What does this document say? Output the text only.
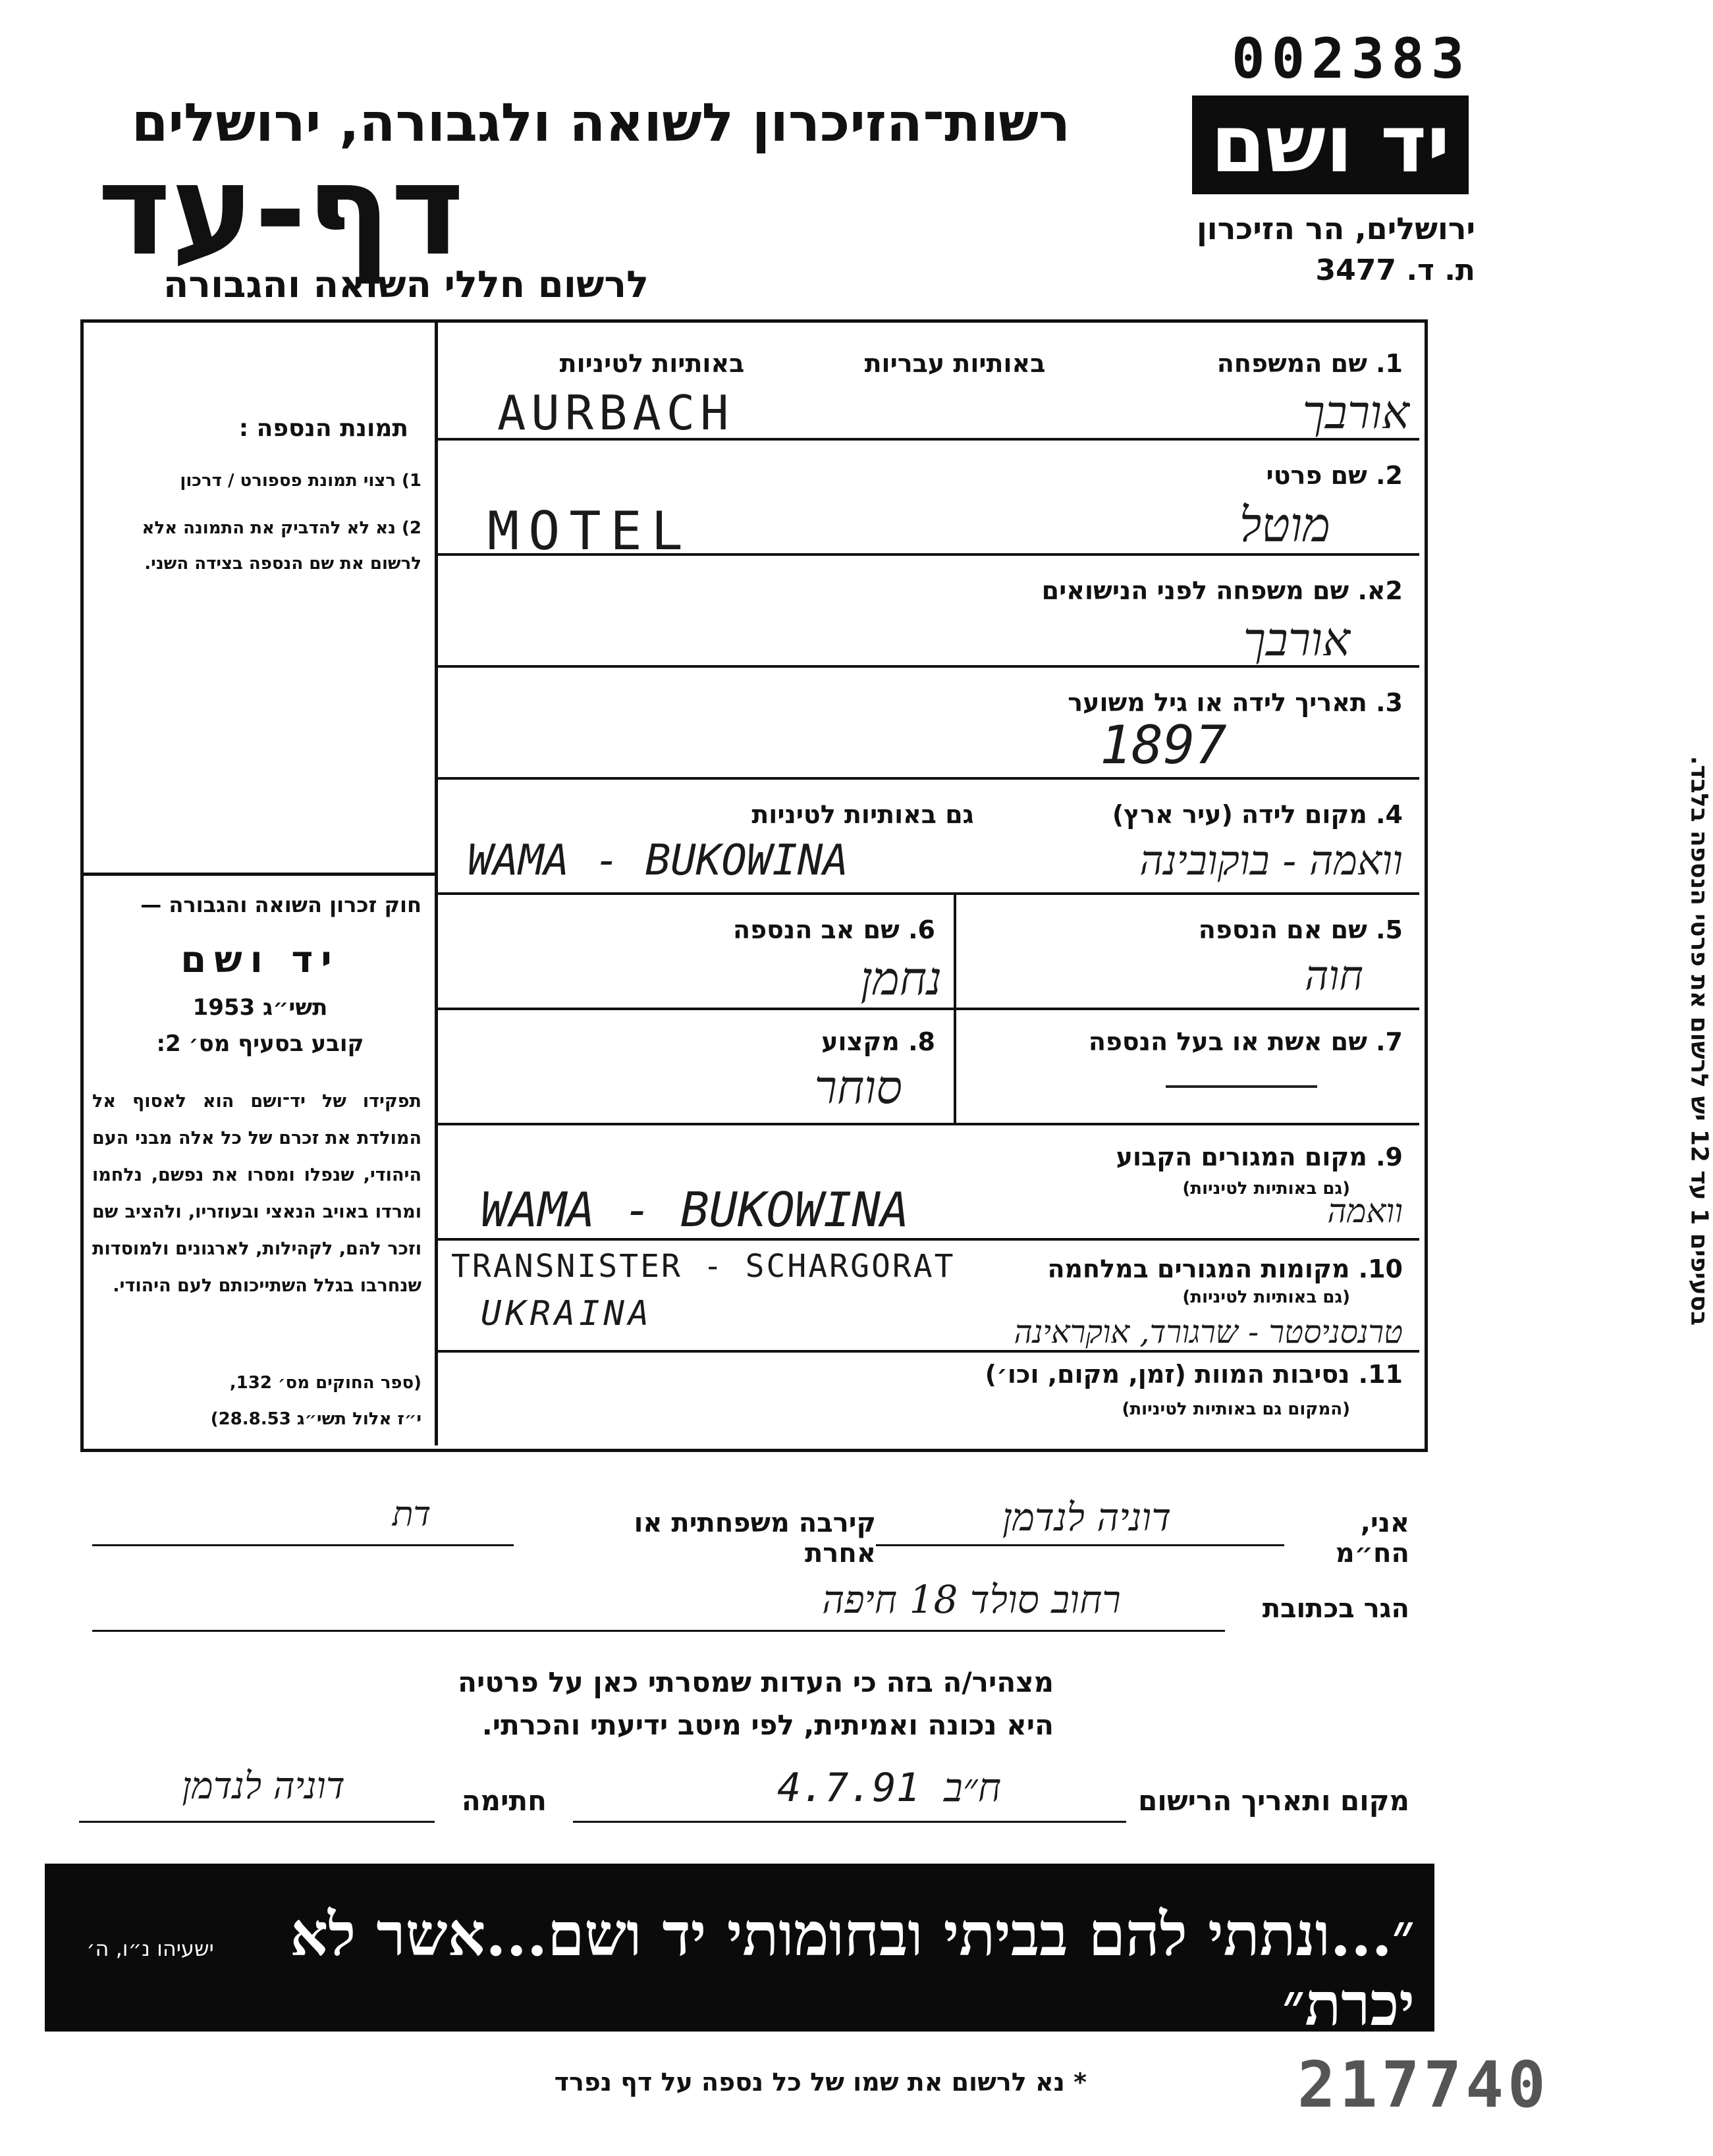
002383
רשות־הזיכרון לשואה ולגבורה, ירושלים
דף-עד
לרשום חללי השואה והגבורה
יד ושם
ירושלים, הר הזיכרון
ת. ד. 3477
תמונת הנספה :
1) רצוי תמונת פספורט / דרכון
2) נא לא להדביק את התמונה אלא לרשום את שם הנספה בצידה השני.
חוק זכרון השואה והגבורה —
יד ושם
תשי״ג 1953
קובע בסעיף מס׳ 2:
תפקידו של יד־ושם הוא לאסוף אל המולדת את זכרם של כל אלה מבני העם היהודי, שנפלו ומסרו את נפשם, נלחמו ומרדו באויב הנאצי ובעוזריו, ולהציב שם וזכר להם, לקהילות, לארגונים ולמוסדות שנחרבו בגלל השתייכותם לעם היהודי.
(ספר החוקים מס׳ 132,
י״ז אלול תשי״ג 28.8.53)
1. שם המשפחה
באותיות עבריות
באותיות לטיניות
AURBACH	אורבך
2. שם פרטי
MOTEL	מוטל
2א. שם משפחה לפני הנישואים
אורבך
3. תאריך לידה או גיל משוער
1897
4. מקום לידה (עיר ארץ)
גם באותיות לטיניות
WAMA - BUKOWINA	וואמה - בוקובינה
5. שם אם הנספה
חוה
6. שם אב הנספה
נחמן
7. שם אשת או בעל הנספה
8. מקצוע
סוחר
9. מקום המגורים הקבוע
(גם באותיות לטיניות)
WAMA - BUKOWINA	וואמה
10. מקומות המגורים במלחמה
(גם באותיות לטיניות)
TRANSNISTER - SCHARGORAT
UKRAINA	טרנסניסטר - שרגורד, אוקראינה
11. נסיבות המוות (זמן, מקום, וכו׳)
(המקום גם באותיות לטיניות)
בסעיפים 1 עד 12 יש לרשום את פרטי הנספה בלבד.
אני, הח״מ
דוניה לנדמן
קירבה משפחתית או אחרת
דת
הגר בכתובת
רחוב סולד 18 חיפה
מצהיר/ה בזה כי העדות שמסרתי כאן על פרטיה
היא נכונה ואמיתית, לפי מיטב ידיעתי והכרתי.
מקום ותאריך הרישום
4.7.91 ח״ב
חתימה
דוניה לנדמן
״...ונתתי להם בביתי ובחומותי יד ושם...אשר לא יכרת״
ישעיהו נ״ו, ה׳
* נא לרשום את שמו של כל נספה על דף נפרד	217740
